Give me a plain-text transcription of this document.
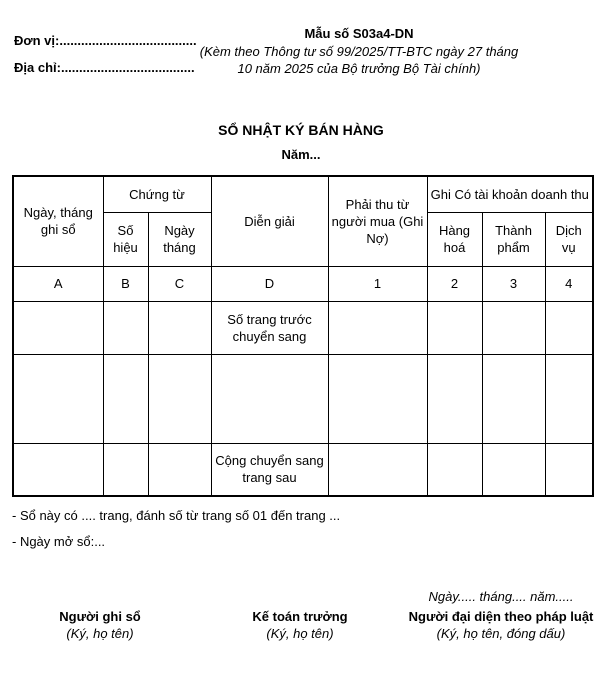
Đơn vị:......................................
Địa chỉ:.....................................
Mẫu số S03a4-DN
(Kèm theo Thông tư số 99/2025/TT-BTC ngày 27 tháng 10 năm 2025 của Bộ trưởng Bộ Tài chính)
SỔ NHẬT KÝ BÁN HÀNG
Năm...
Ngày, tháng ghi sổ	Chứng từ		Diễn giải	Phải thu từ người mua (Ghi Nợ)	Ghi Có tài khoản doanh thu		
	Số hiệu	Ngày tháng			Hàng hoá	Thành phẩm	Dịch vụ
A	B	C	D	1	2	3	4
			Số trang trước chuyển sang				

			Cộng chuyển sang trang sau				
- Sổ này có .... trang, đánh số từ trang số 01 đến trang ...
- Ngày mở sổ:...
Người ghi sổ
(Ký, họ tên)
Kế toán trưởng
(Ký, họ tên)
Ngày..... tháng.... năm.....
Người đại diện theo pháp luật
(Ký, họ tên, đóng dấu)
